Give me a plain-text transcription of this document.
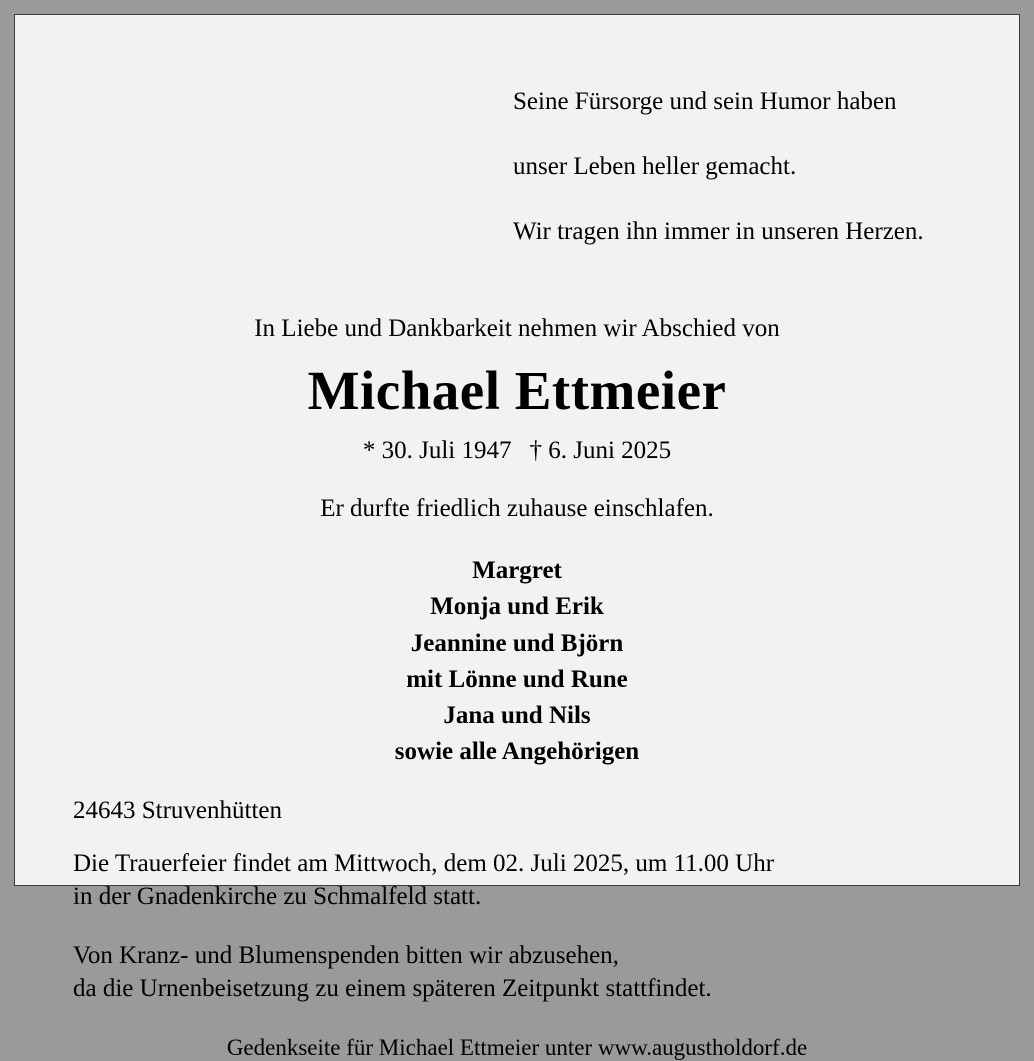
Seine Fürsorge und sein Humor haben

unser Leben heller gemacht.

Wir tragen ihn immer in unseren Herzen.

In Liebe und Dankbarkeit nehmen wir Abschied von
Michael Ettmeier
* 30. Juli 1947 † 6. Juni 2025
Er durfte friedlich zuhause einschlafen.
Margret
Monja und Erik
Jeannine und Björn
mit Lönne und Rune
Jana und Nils
sowie alle Angehörigen
24643 Struvenhütten
Die Trauerfeier findet am Mittwoch, dem 02. Juli 2025, um 11.00 Uhr
in der Gnadenkirche zu Schmalfeld statt.
Von Kranz- und Blumenspenden bitten wir abzusehen,
da die Urnenbeisetzung zu einem späteren Zeitpunkt stattfindet.
Gedenkseite für Michael Ettmeier unter www.augustholdorf.de
